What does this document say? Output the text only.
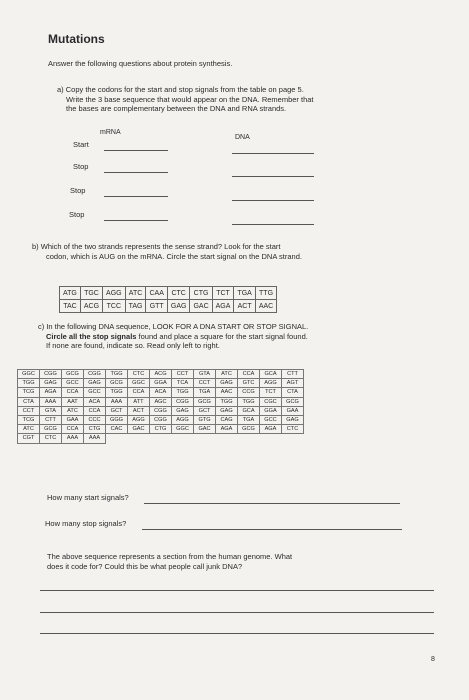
Mutations
Answer the following questions about protein synthesis.
a) Copy the codons for the start and stop signals from the table on page 5.
Write the 3 base sequence that would appear on the DNA. Remember that
the bases are complementary between the DNA and RNA strands.
mRNA
DNA
Start
Stop
Stop
Stop
b) Which of the two strands represents the sense strand? Look for the start
codon, which is AUG on the mRNA. Circle the start signal on the DNA strand.
ATG	TGC	AGG	ATC	CAA	CTC	CTG	TCT	TGA	TTG
TAC	ACG	TCC	TAG	GTT	GAG	GAC	AGA	ACT	AAC
c) In the following DNA sequence, LOOK FOR A DNA START OR STOP SIGNAL.
Circle all the stop signals found and place a square for the start signal found.
If none are found, indicate so. Read only left to right.
GGC	CGG	GCG	CGG	TGG	CTC	ACG	CCT	GTA	ATC	CCA	GCA	CTT
TGG	GAG	GCC	GAG	GCG	GGC	GGA	TCA	CCT	GAG	GTC	AGG	AGT
TCG	AGA	CCA	GCC	TGG	CCA	ACA	TGG	TGA	AAC	CCG	TCT	CTA
CTA	AAA	AAT	ACA	AAA	ATT	AGC	CGG	GCG	TGG	TGG	CGC	GCG
CCT	GTA	ATC	CCA	GCT	ACT	CGG	GAG	GCT	GAG	GCA	GGA	GAA
TCG	CTT	GAA	CCC	GGG	AGG	CGG	AGG	GTG	CAG	TGA	GCC	GAG
ATC	GCG	CCA	CTG	CAC	GAC	CTG	GGC	GAC	AGA	GCG	AGA	CTC
CGT	CTC	AAA	AAA									
How many start signals?
How many stop signals?
The above sequence represents a section from the human genome. What
does it code for? Could this be what people call junk DNA?
8
